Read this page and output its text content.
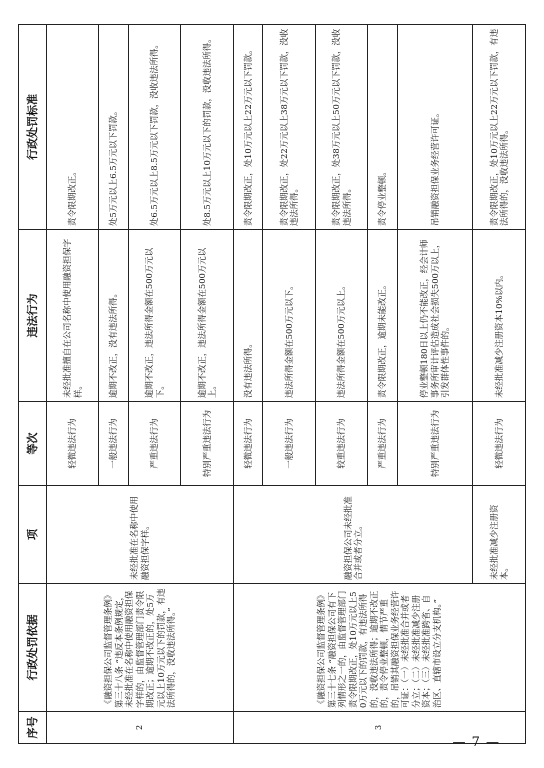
序号	行政处罚依据	项	等次	违法行为	行政处罚标准
2	《融资担保公司监督管理条例》第三十八条 “违反本条例规定，未经批准在名称中使用融资担保字样的，由监督管理部门责令限期改正；逾期不改正的，处5万元以上10万元以下的罚款，有违法所得的，没收违法所得。”	未经批准在名称中使用融资担保字样。	轻微违法行为	未经批准擅自在公司名称中使用融资担保字样。	责令限期改正。
			一般违法行为	逾期不改正，没有违法所得。	处5万元以上6.5万元以下罚款。
			严重违法行为	逾期不改正，违法所得金额在500万元以下。	处6.5万元以上8.5万元以下罚款，没收违法所得。
			特别严重违法行为	逾期不改正，违法所得金额在500万元以上。	处8.5万元以上10万元以下的罚款，没收违法所得。
3	《融资担保公司监督管理条例》第三十七条 “融资担保公司有下列情形之一的，由监督管理部门责令限期改正，处10万元以上50万元以下的罚款，有违法所得的，没收违法所得；逾期不改正的，责令停业整顿，情节严重的，吊销其融资担保业务经营许可证：（一）未经批准合并或者分立；（二）未经批准减少注册资本；（三）未经批准跨省、自治区、直辖市设立分支机构。”	融资担保公司未经批准合并或者分立。	轻微违法行为	没有违法所得。	责令限期改正，处10万元以上22万元以下罚款。
			一般违法行为	违法所得金额在500万元以下。	责令限期改正，处22万元以上38万元以下罚款，没收违法所得。
			较重违法行为	违法所得金额在500万元以上。	责令限期改正，处38万元以上50万元以下罚款，没收违法所得。
			严重违法行为	责令限期改正，逾期未能改正。	责令停业整顿。
			特别严重违法行为	停业整顿180日以上仍不能改正，经会计师事务所审计评估造成社会损失500万以上，引发群体性事件的。	吊销融资担保业务经营许可证。
		未经批准减少注册资本。	轻微违法行为	未经批准减少注册资本10%以内。	责令限期改正，处10万元以上22万元以下罚款，有违法所得的，没收违法所得。
— 7 —
